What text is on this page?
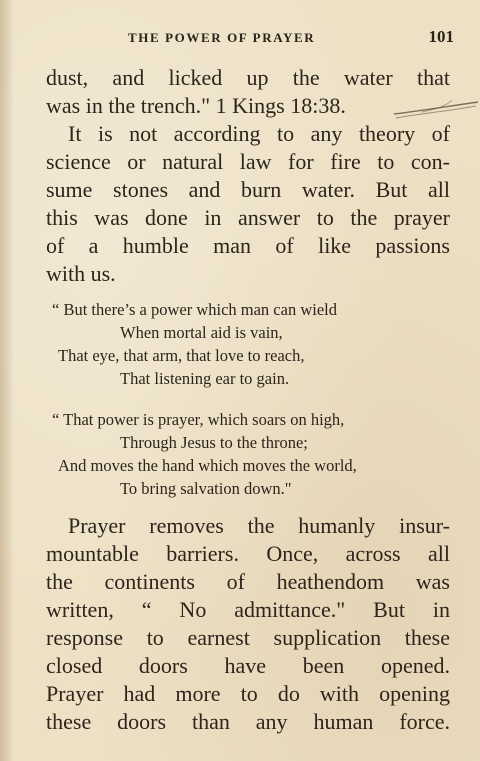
THE POWER OF PRAYER	101
dust, and licked up the water that
was in the trench." 1 Kings 18:38.
It is not according to any theory of
science or natural law for fire to con-
sume stones and burn water. But all
this was done in answer to the prayer
of a humble man of like passions
with us.
“ But there’s a power which man can wield
When mortal aid is vain,
That eye, that arm, that love to reach,
That listening ear to gain.
“ That power is prayer, which soars on high,
Through Jesus to the throne;
And moves the hand which moves the world,
To bring salvation down."
Prayer removes the humanly insur-
mountable barriers. Once, across all
the continents of heathendom was
written, “ No admittance." But in
response to earnest supplication these
closed doors have been opened.
Prayer had more to do with opening
these doors than any human force.
